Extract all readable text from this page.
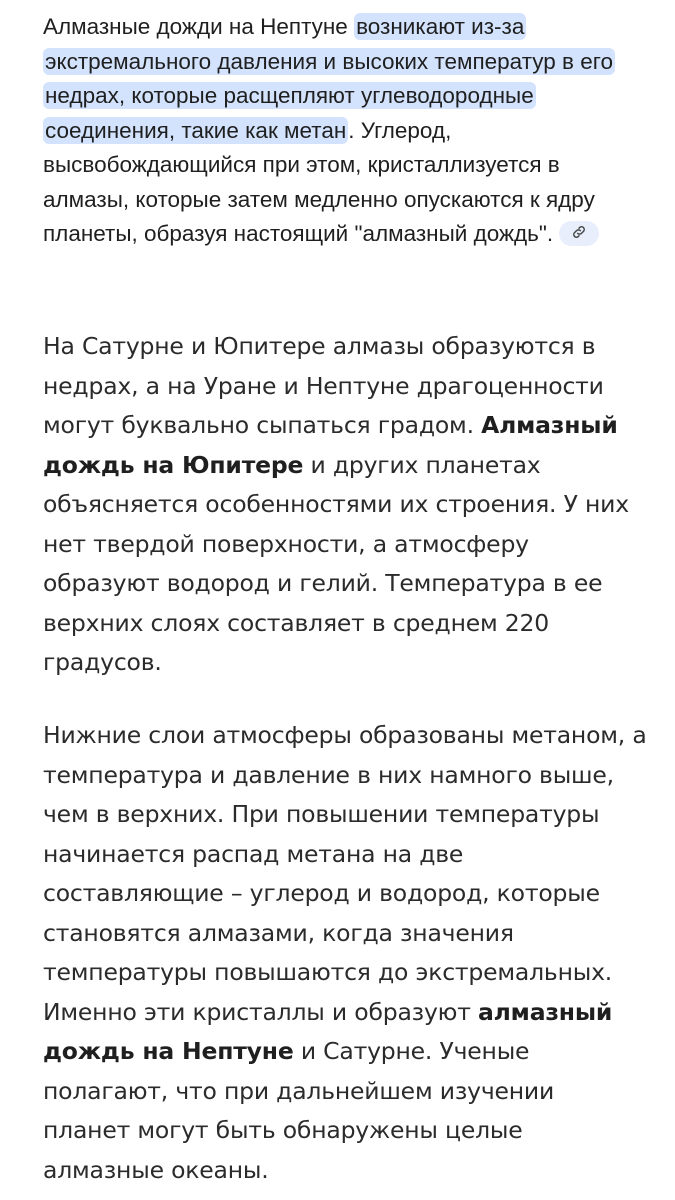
Алмазные дожди на Нептуне возникают из-за экстремального давления и высоких температур в его недрах, которые расщепляют углеводородные соединения, такие как метан. Углерод, высвобождающийся при этом, кристаллизуется в алмазы, которые затем медленно опускаются к ядру планеты, образуя настоящий "алмазный дождь".

На Сатурне и Юпитере алмазы образуются в недрах, а на Уране и Нептуне драгоценности могут буквально сыпаться градом. Алмазный дождь на Юпитере и других планетах объясняется особенностями их строения. У них нет твердой поверхности, а атмосферу образуют водород и гелий. Температура в ее верхних слоях составляет в среднем 220 градусов.

Нижние слои атмосферы образованы метаном, а температура и давление в них намного выше, чем в верхних. При повышении температуры начинается распад метана на две составляющие – углерод и водород, которые становятся алмазами, когда значения температуры повышаются до экстремальных. Именно эти кристаллы и образуют алмазный дождь на Нептуне и Сатурне. Ученые полагают, что при дальнейшем изучении планет могут быть обнаружены целые алмазные океаны.
